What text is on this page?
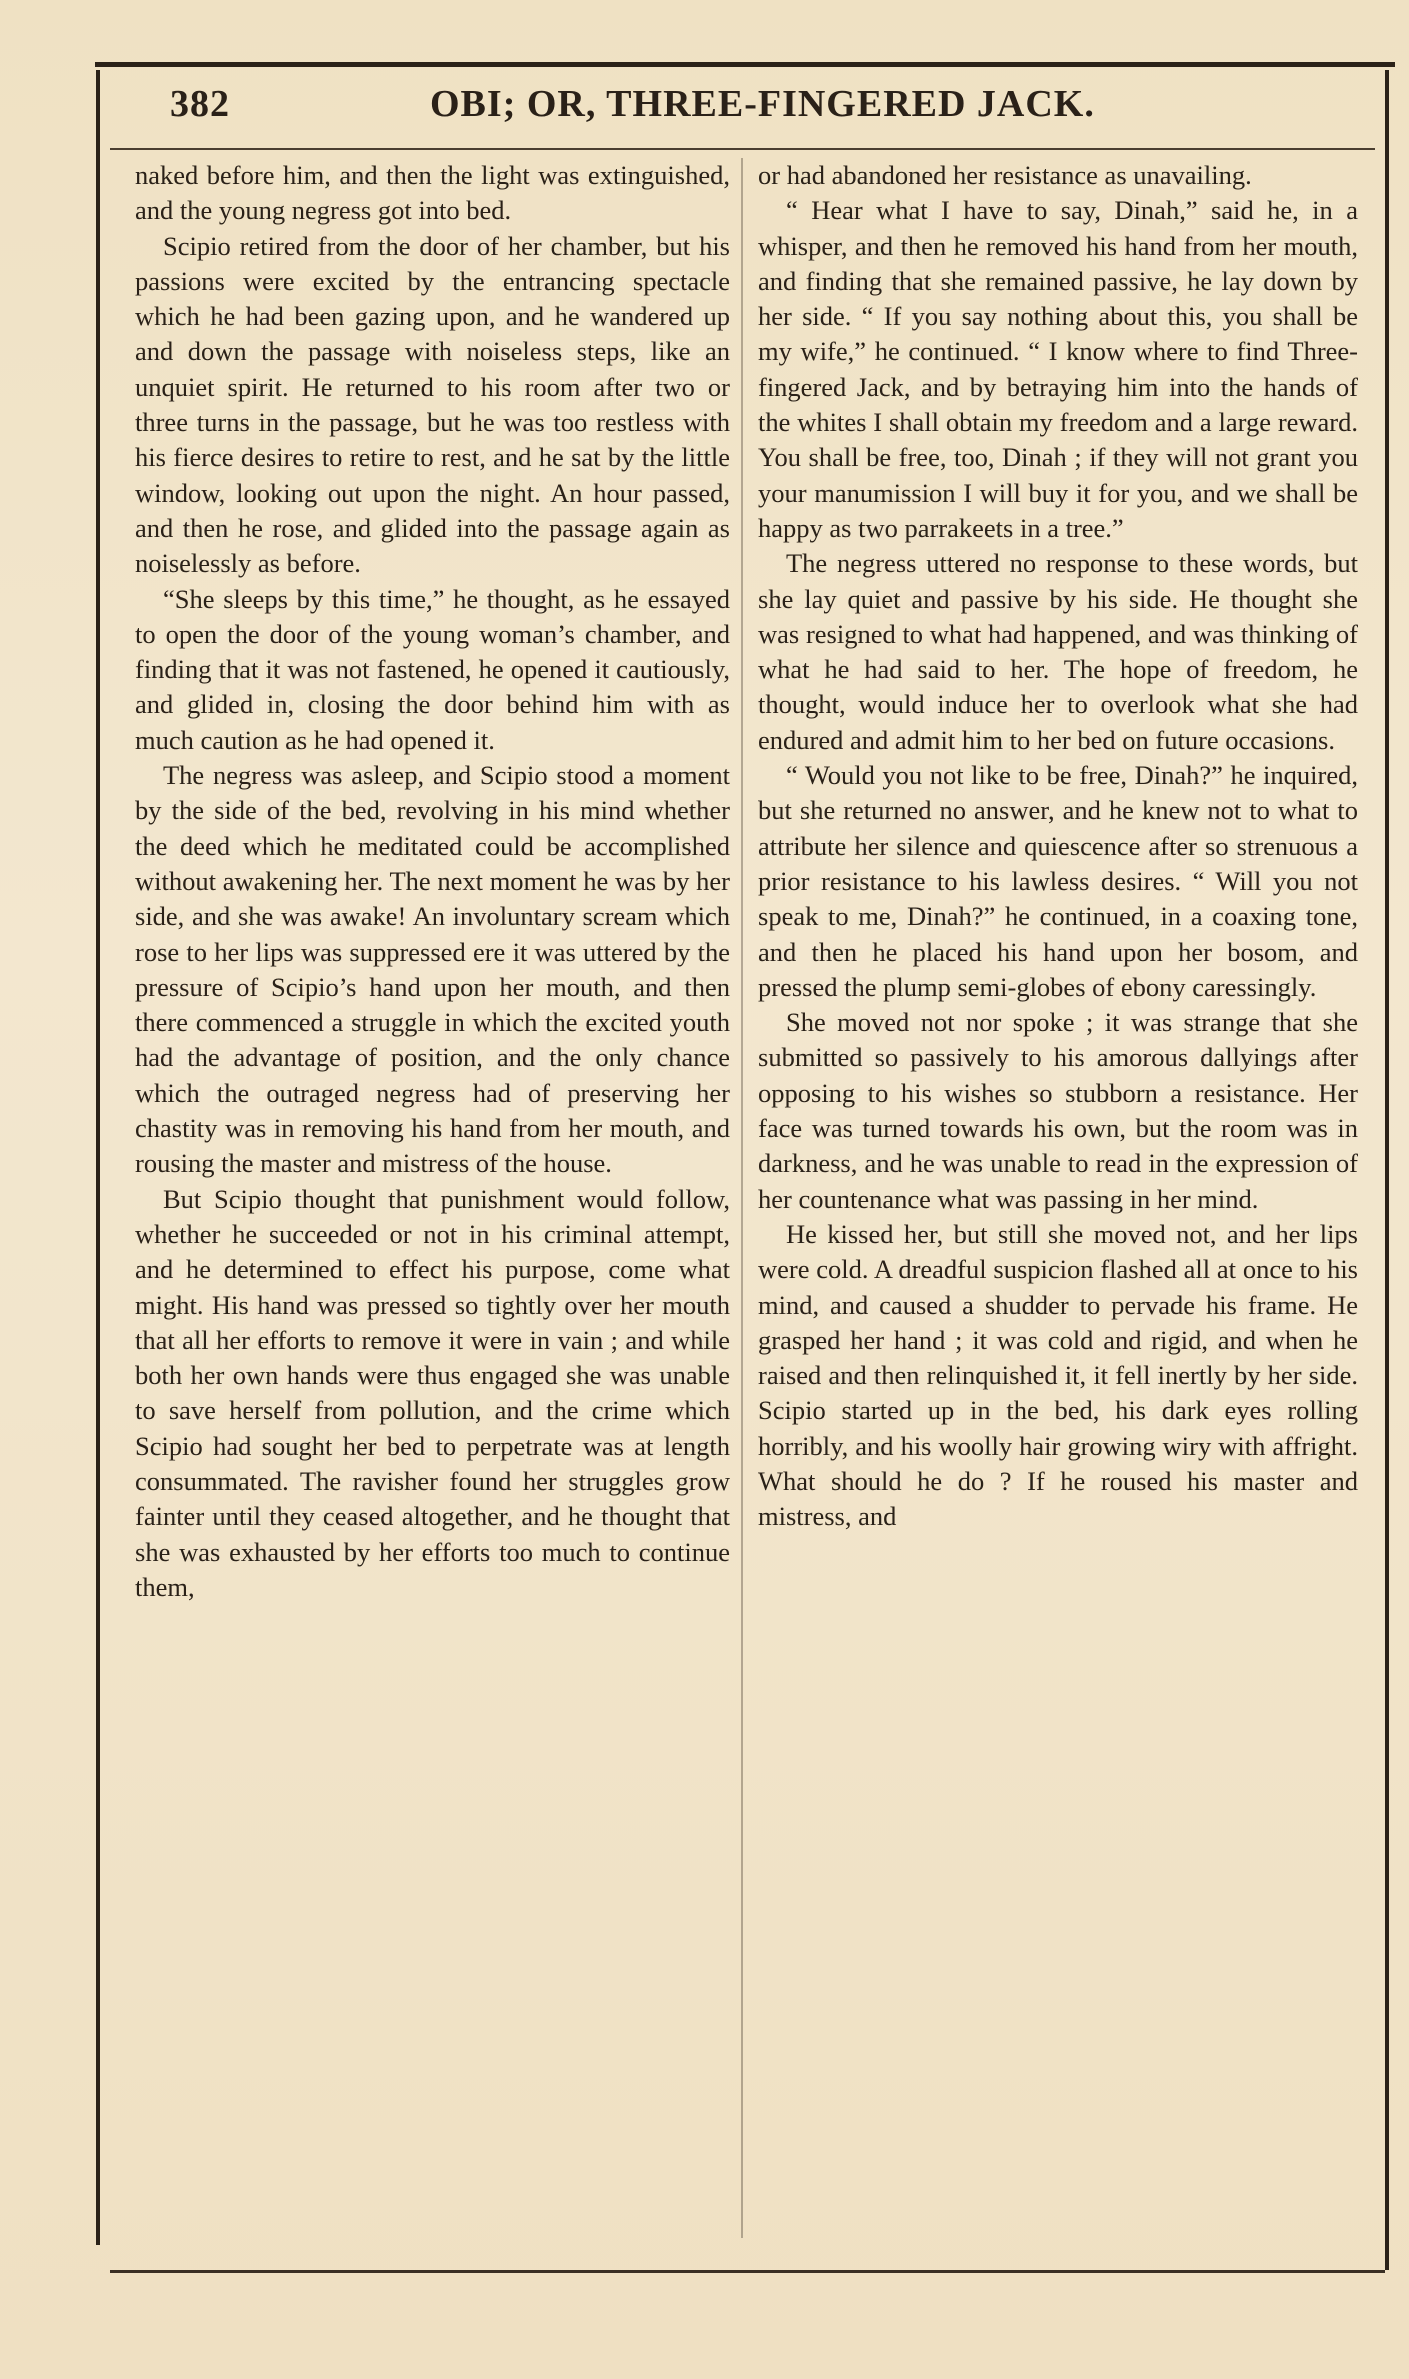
382	OBI; OR, THREE-FINGERED JACK.

naked before him, and then the light was extinguished, and the young negress got into bed.

Scipio retired from the door of her chamber, but his passions were excited by the entrancing spectacle which he had been gazing upon, and he wandered up and down the passage with noiseless steps, like an unquiet spirit. He returned to his room after two or three turns in the passage, but he was too restless with his fierce desires to retire to rest, and he sat by the little window, looking out upon the night. An hour passed, and then he rose, and glided into the passage again as noiselessly as before.

“She sleeps by this time,” he thought, as he essayed to open the door of the young woman’s chamber, and finding that it was not fastened, he opened it cautiously, and glided in, closing the door behind him with as much caution as he had opened it.

The negress was asleep, and Scipio stood a moment by the side of the bed, revolving in his mind whether the deed which he meditated could be accomplished without awakening her. The next moment he was by her side, and she was awake! An involuntary scream which rose to her lips was suppressed ere it was uttered by the pressure of Scipio’s hand upon her mouth, and then there commenced a struggle in which the excited youth had the advantage of position, and the only chance which the outraged negress had of preserving her chastity was in removing his hand from her mouth, and rousing the master and mistress of the house.

But Scipio thought that punishment would follow, whether he succeeded or not in his criminal attempt, and he determined to effect his purpose, come what might. His hand was pressed so tightly over her mouth that all her efforts to remove it were in vain ; and while both her own hands were thus engaged she was unable to save herself from pollution, and the crime which Scipio had sought her bed to perpetrate was at length consummated. The ravisher found her struggles grow fainter until they ceased altogether, and he thought that she was exhausted by her efforts too much to continue them,

or had abandoned her resistance as unavailing.

“ Hear what I have to say, Dinah,” said he, in a whisper, and then he removed his hand from her mouth, and finding that she remained passive, he lay down by her side. “ If you say nothing about this, you shall be my wife,” he continued. “ I know where to find Three-fingered Jack, and by betraying him into the hands of the whites I shall obtain my freedom and a large reward. You shall be free, too, Dinah ; if they will not grant you your manumission I will buy it for you, and we shall be happy as two parrakeets in a tree.”

The negress uttered no response to these words, but she lay quiet and passive by his side. He thought she was resigned to what had happened, and was thinking of what he had said to her. The hope of freedom, he thought, would induce her to overlook what she had endured and admit him to her bed on future occasions.

“ Would you not like to be free, Dinah?” he inquired, but she returned no answer, and he knew not to what to attribute her silence and quiescence after so strenuous a prior resistance to his lawless desires. “ Will you not speak to me, Dinah?” he continued, in a coaxing tone, and then he placed his hand upon her bosom, and pressed the plump semi-globes of ebony caressingly.

She moved not nor spoke ; it was strange that she submitted so passively to his amorous dallyings after opposing to his wishes so stubborn a resistance. Her face was turned towards his own, but the room was in darkness, and he was unable to read in the expression of her countenance what was passing in her mind.

He kissed her, but still she moved not, and her lips were cold. A dreadful suspicion flashed all at once to his mind, and caused a shudder to pervade his frame. He grasped her hand ; it was cold and rigid, and when he raised and then relinquished it, it fell inertly by her side. Scipio started up in the bed, his dark eyes rolling horribly, and his woolly hair growing wiry with affright. What should he do ? If he roused his master and mistress, and
